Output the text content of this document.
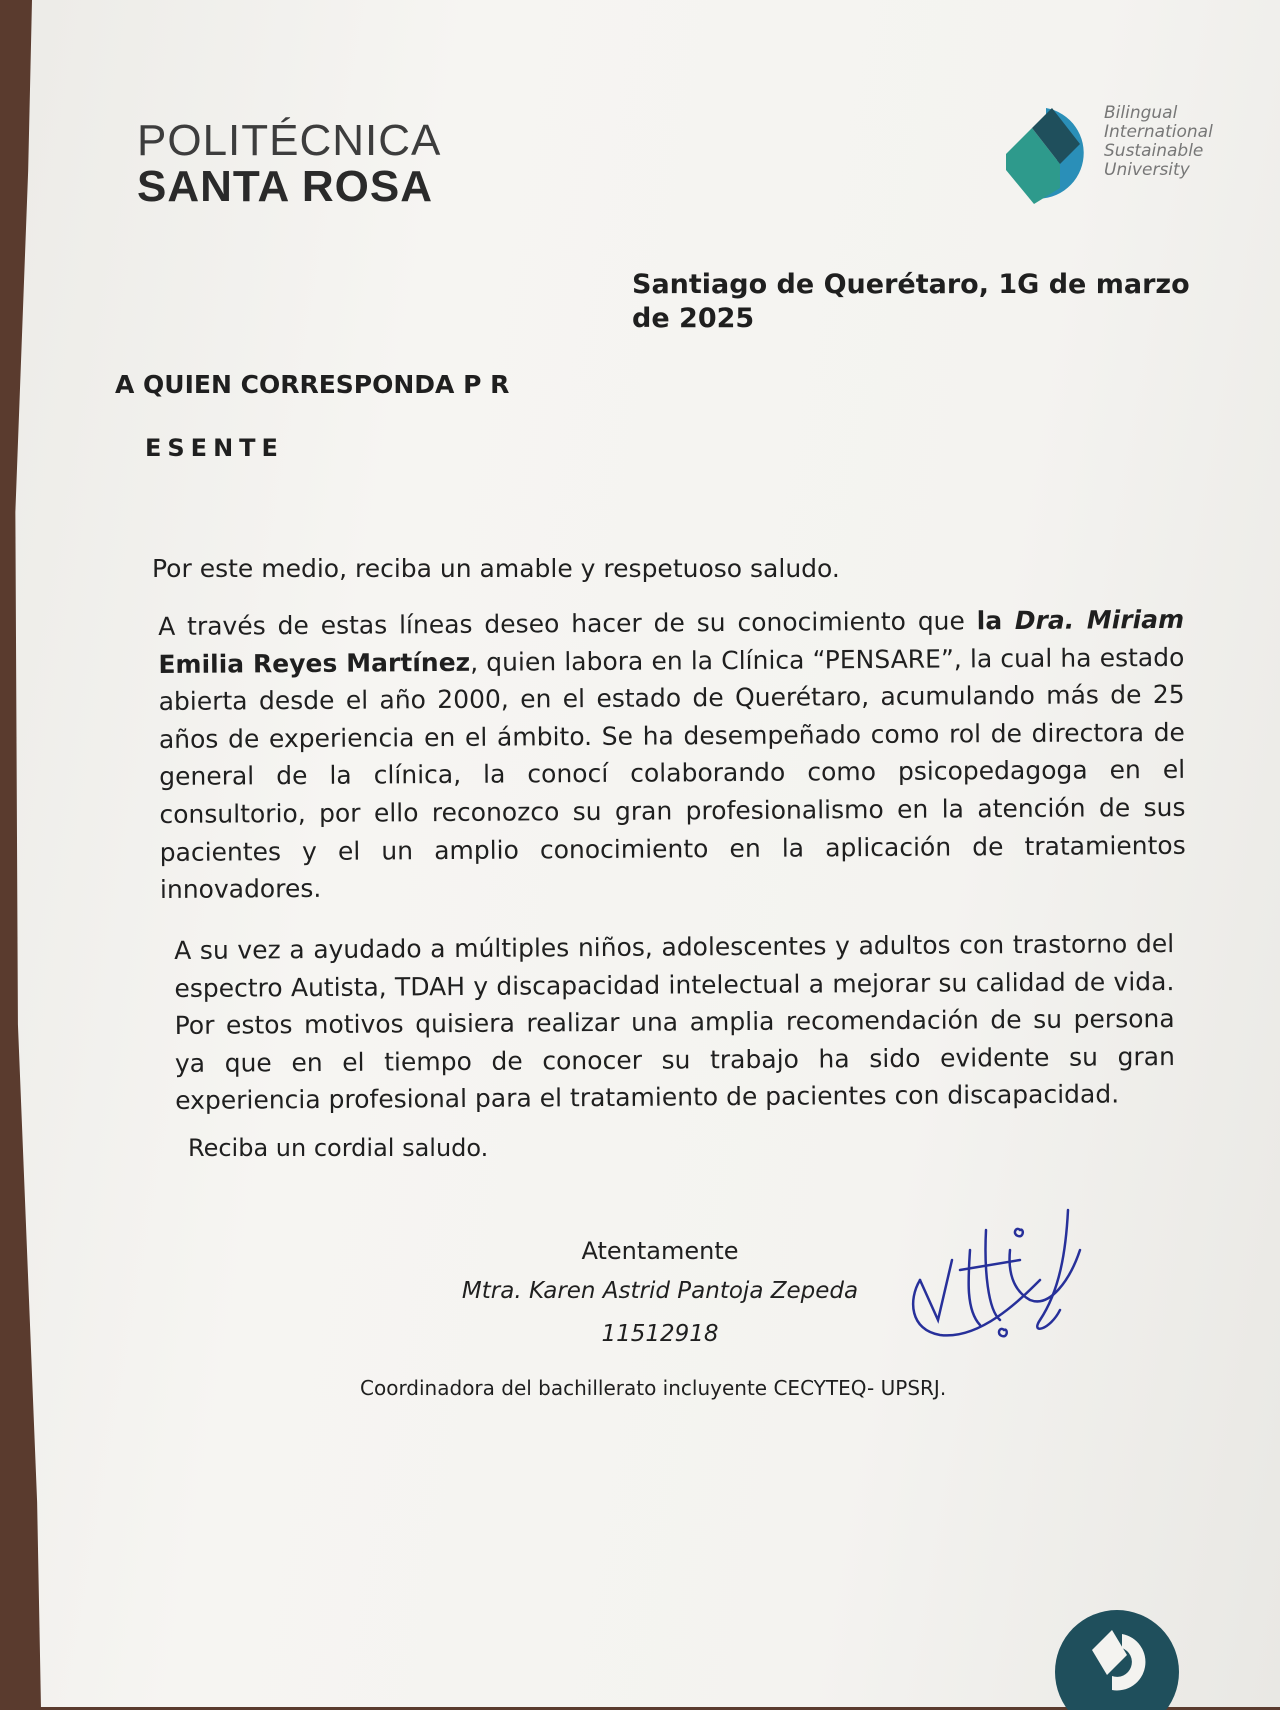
POLITÉCNICA
SANTA ROSA
Bilingual
International
Sustainable
University
Santiago de Querétaro, 1G de marzo de 2025
A QUIEN CORRESPONDA P R
ESENTE
Por este medio, reciba un amable y respetuoso saludo.
A través de estas líneas deseo hacer de su conocimiento que la Dra. Miriam Emilia Reyes Martínez, quien labora en la Clínica “PENSARE”, la cual ha estado abierta desde el año 2000, en el estado de Querétaro, acumulando más de 25 años de experiencia en el ámbito. Se ha desempeñado como rol de directora de general de la clínica, la conocí colaborando como psicopedagoga en el consultorio, por ello reconozco su gran profesionalismo en la atención de sus pacientes y el un amplio conocimiento en la aplicación de tratamientos innovadores.
A su vez a ayudado a múltiples niños, adolescentes y adultos con trastorno del espectro Autista, TDAH y discapacidad intelectual a mejorar su calidad de vida. Por estos motivos quisiera realizar una amplia recomendación de su persona ya que en el tiempo de conocer su trabajo ha sido evidente su gran experiencia profesional para el tratamiento de pacientes con discapacidad.
Reciba un cordial saludo.
Atentamente
Mtra. Karen Astrid Pantoja Zepeda
11512918
Coordinadora del bachillerato incluyente CECYTEQ- UPSRJ.
